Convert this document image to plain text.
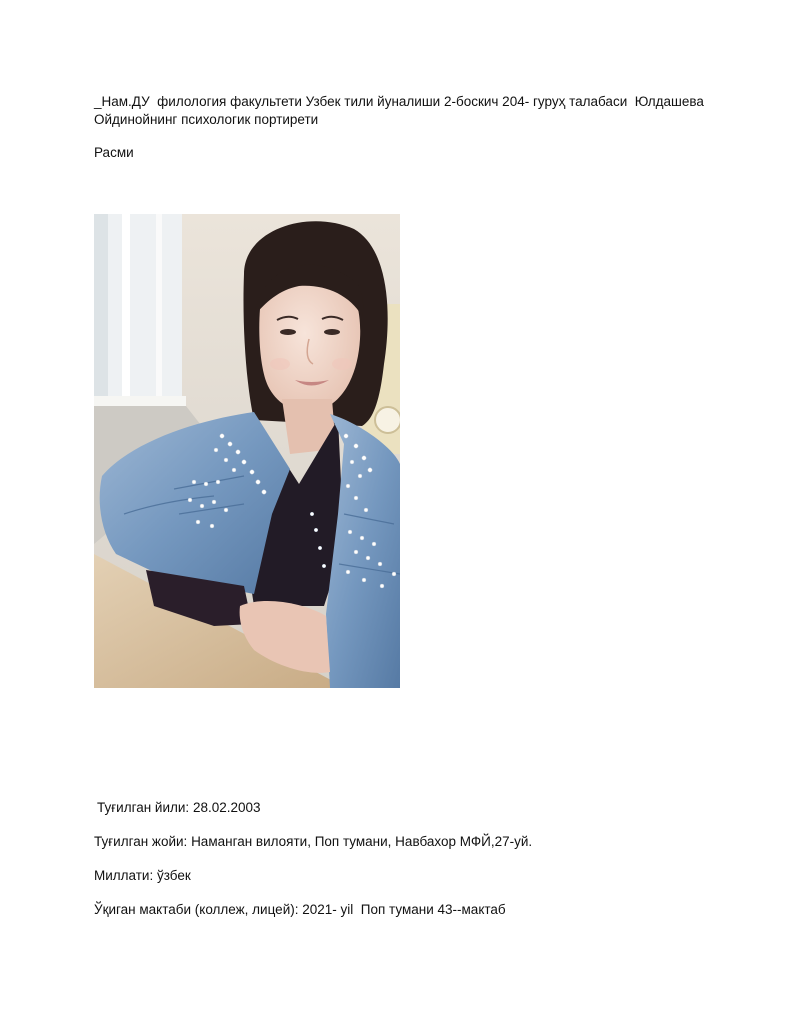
_Нам.ДУ  филология факультети Узбек тили йуналиши 2-боскич 204- гуруҳ талабаси  Юлдашева
Ойдинойнинг психологик портирети
Расми
Туғилган йили: 28.02.2003
Туғилган жойи: Наманган вилояти, Поп тумани, Навбахор МФЙ,27-уй.
Миллати: ўзбек
Ўқиган мактаби (коллеж, лицей): 2021- yil  Поп тумани 43--мактаб
